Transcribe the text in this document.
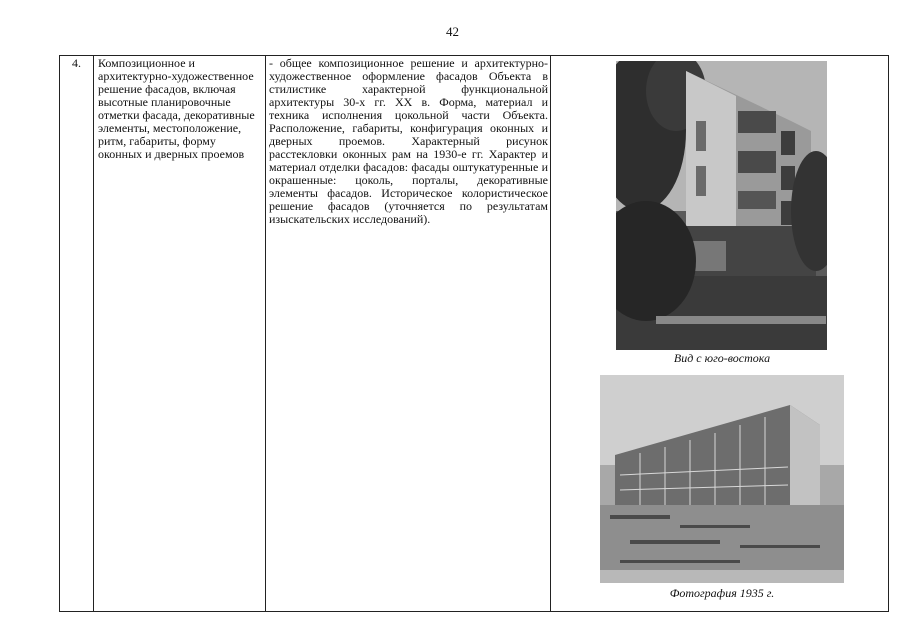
42
4.	Композиционное и архитектурно-художественное решение фасадов, включая высотные планировочные отметки фасада, декоративные элементы, местоположение, ритм, габариты, форму оконных и дверных проемов	- общее композиционное решение и архитектурно-художественное оформление фасадов Объекта в стилистике характерной функциональной архитектуры 30-х гг. XX в. Форма, материал и техника исполнения цокольной части Объекта. Расположение, габариты, конфигурация оконных и дверных проемов. Характерный рисунок расстекловки оконных рам на 1930-е гг. Характер и материал отделки фасадов: фасады оштукатуренные и окрашенные: цоколь, порталы, декоративные элементы фасадов. Историческое колористическое решение фасадов (уточняется по результатам изыскательских исследований).	
Вид с юго-востока
Фотография 1935 г.
